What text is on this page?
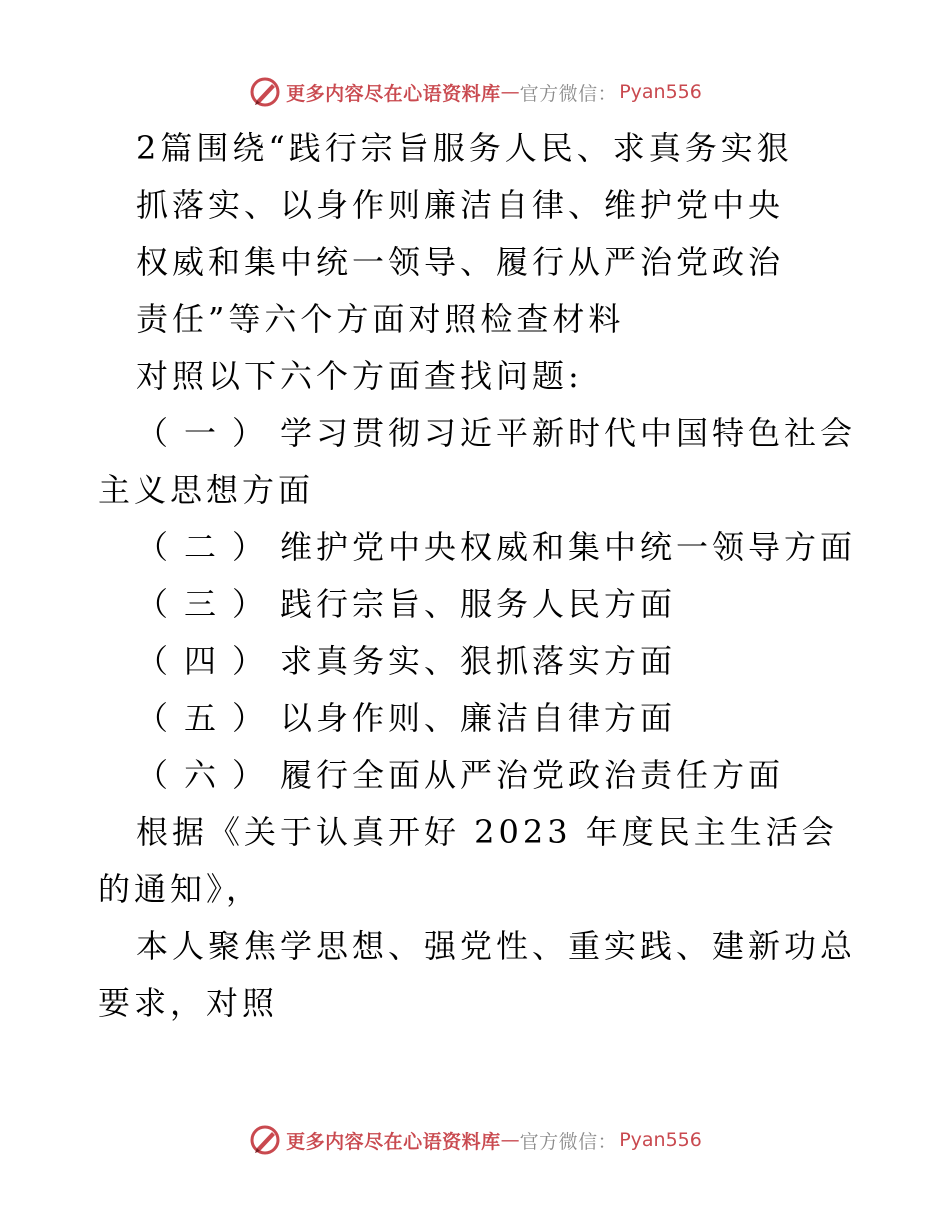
更多内容尽在心语资料库 — 官方微信： Pyan556

2篇围绕“践行宗旨服务人民、求真务实狠
抓落实、以身作则廉洁自律、维护党中央
权威和集中统一领导、履行从严治党政治
责任”等六个方面对照检查材料

对照以下六个方面查找问题:

（一）学习贯彻习近平新时代中国特色社会主义思想方面

（二）维护党中央权威和集中统一领导方面

（三）践行宗旨、服务人民方面

（四）求真务实、狠抓落实方面

（五）以身作则、廉洁自律方面

（六）履行全面从严治党政治责任方面

根据《关于认真开好 2023 年度民主生活会的通知》，

本人聚焦学思想、强党性、重实践、建新功总要求，对照

更多内容尽在心语资料库 — 官方微信： Pyan556
